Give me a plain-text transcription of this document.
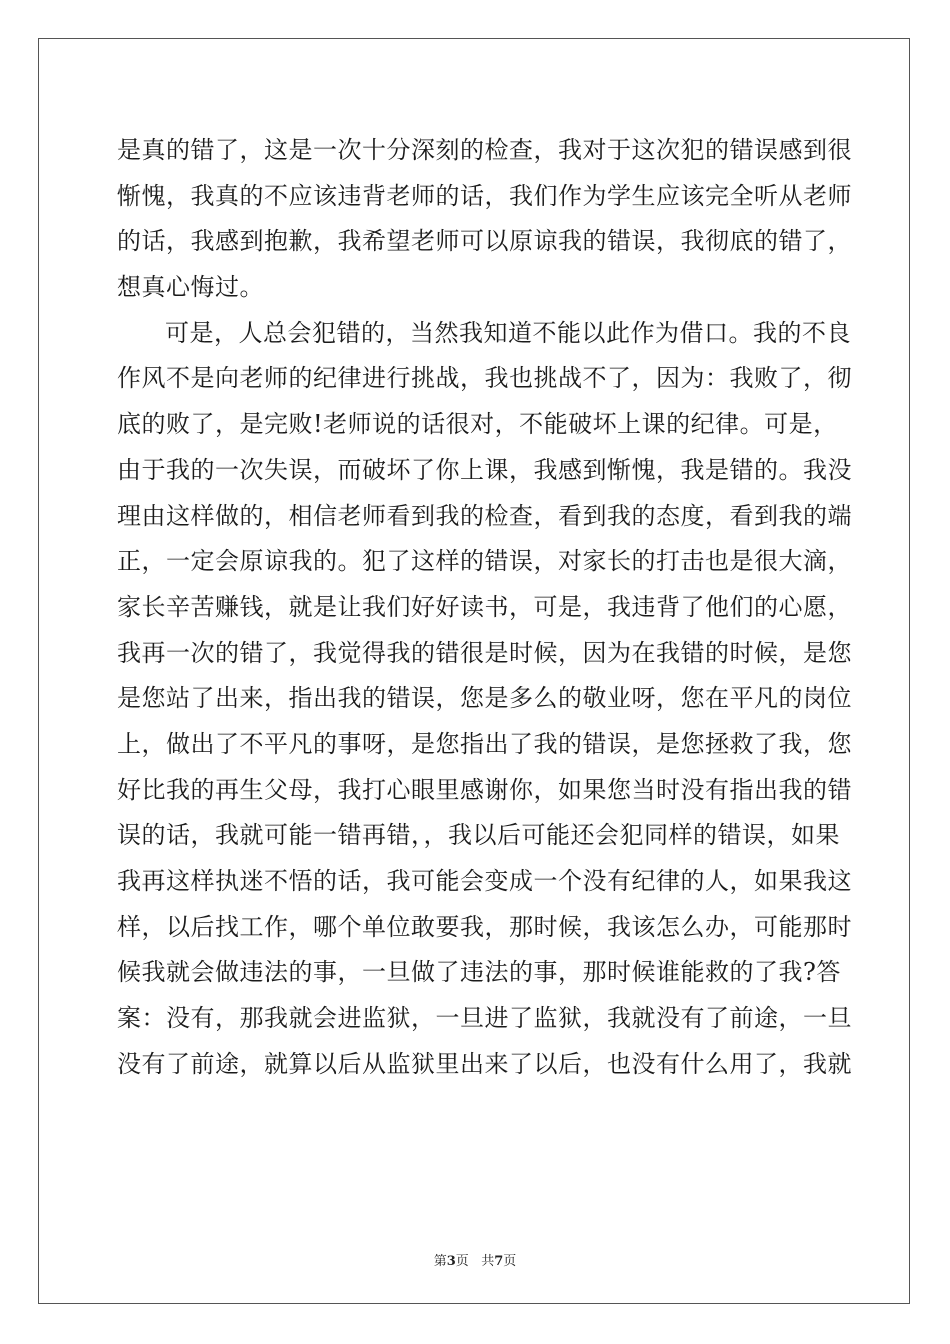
是真的错了，这是一次十分深刻的检查，我对于这次犯的错误感到很
惭愧，我真的不应该违背老师的话，我们作为学生应该完全听从老师
的话，我感到抱歉，我希望老师可以原谅我的错误，我彻底的错了，
想真心悔过。
可是，人总会犯错的，当然我知道不能以此作为借口。我的不良
作风不是向老师的纪律进行挑战，我也挑战不了，因为：我败了，彻
底的败了，是完败!老师说的话很对，不能破坏上课的纪律。可是，
由于我的一次失误，而破坏了你上课，我感到惭愧，我是错的。我没
理由这样做的，相信老师看到我的检查，看到我的态度，看到我的端
正，一定会原谅我的。犯了这样的错误，对家长的打击也是很大滴，
家长辛苦赚钱，就是让我们好好读书，可是，我违背了他们的心愿，
我再一次的错了，我觉得我的错很是时候，因为在我错的时候，是您
是您站了出来，指出我的错误，您是多么的敬业呀，您在平凡的岗位
上，做出了不平凡的事呀，是您指出了我的错误，是您拯救了我，您
好比我的再生父母，我打心眼里感谢你，如果您当时没有指出我的错
误的话，我就可能一错再错，，我以后可能还会犯同样的错误，如果
我再这样执迷不悟的话，我可能会变成一个没有纪律的人，如果我这
样，以后找工作，哪个单位敢要我，那时候，我该怎么办，可能那时
候我就会做违法的事，一旦做了违法的事，那时候谁能救的了我?答
案：没有，那我就会进监狱，一旦进了监狱，我就没有了前途，一旦
没有了前途，就算以后从监狱里出来了以后，也没有什么用了，我就
第3页 共7页
